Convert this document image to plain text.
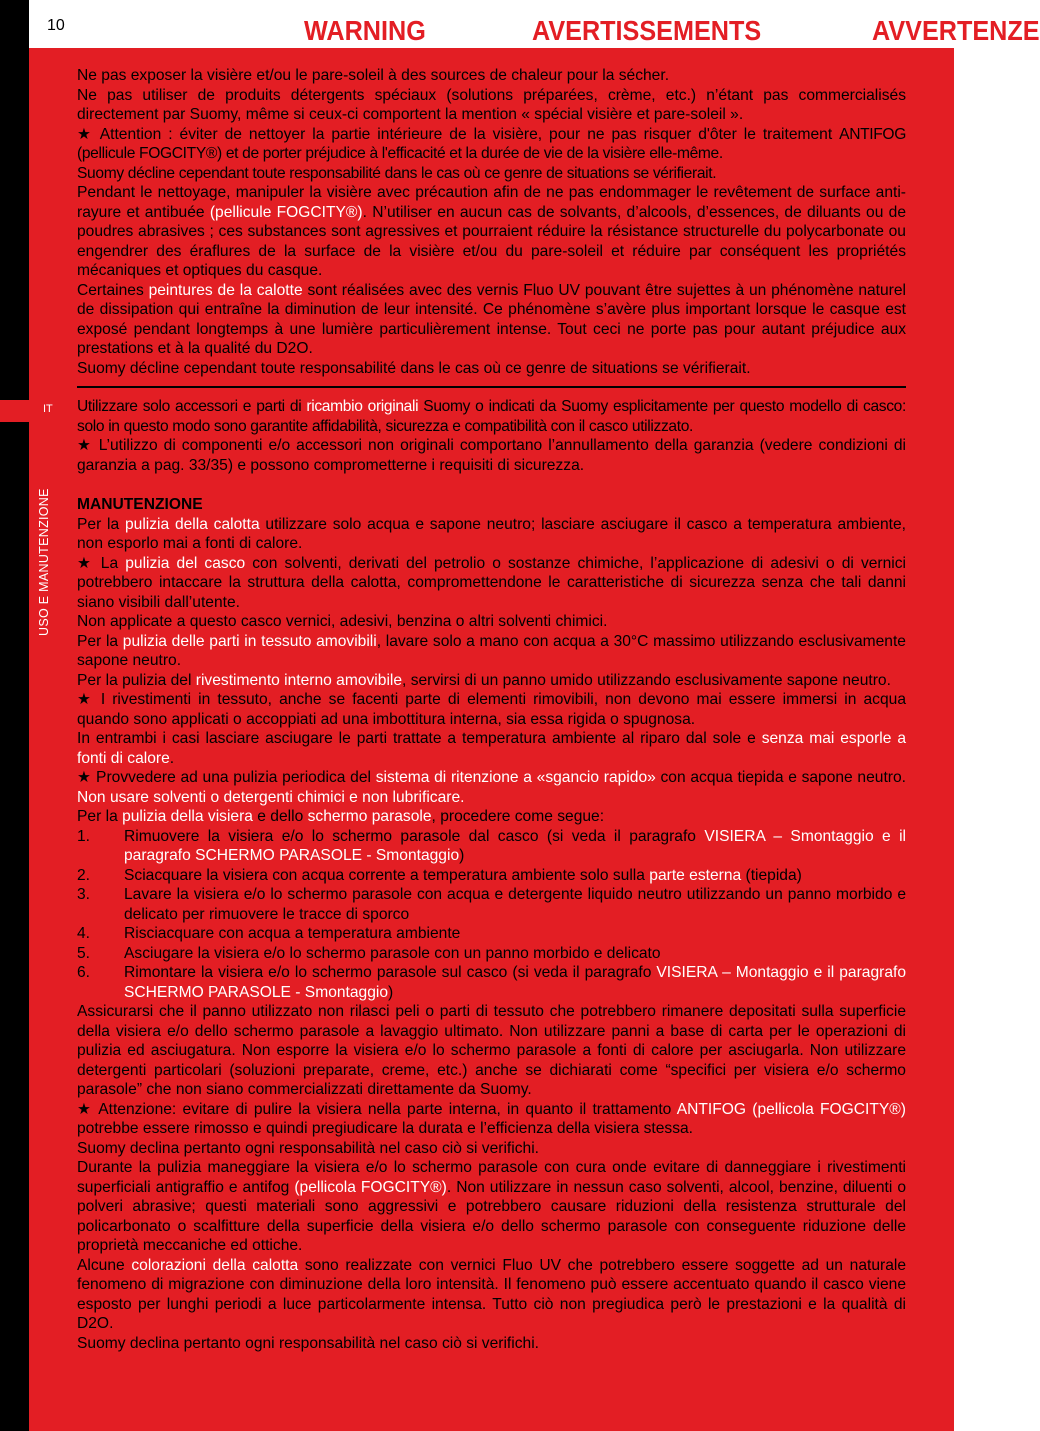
10	WARNING	AVERTISSEMENTS	AVVERTENZE
IT
USO E MANUTENZIONE

Ne pas exposer la visière et/ou le pare-soleil à des sources de chaleur pour la sécher.

Ne pas utiliser de produits détergents spéciaux (solutions préparées, crème, etc.) n’étant pas commercialisés directement par Suomy, même si ceux-ci comportent la mention « spécial visière et pare-soleil ».

★ Attention : éviter de nettoyer la partie intérieure de la visière, pour ne pas risquer d'ôter le traitement ANTIFOG (pellicule FOGCITY®) et de porter préjudice à l'efficacité et la durée de vie de la visière elle-même.
Suomy décline cependant toute responsabilité dans le cas où ce genre de situations se vérifierait.

Pendant le nettoyage, manipuler la visière avec précaution afin de ne pas endommager le revêtement de surface anti-rayure et antibuée (pellicule FOGCITY®). N’utiliser en aucun cas de solvants, d’alcools, d’essences, de diluants ou de poudres abrasives ; ces substances sont agressives et pourraient réduire la résistance structurelle du polycarbonate ou engendrer des éraflures de la surface de la visière et/ou du pare-soleil et réduire par conséquent les propriétés mécaniques et optiques du casque.

Certaines peintures de la calotte sont réalisées avec des vernis Fluo UV pouvant être sujettes à un phénomène naturel de dissipation qui entraîne la diminution de leur intensité. Ce phénomène s’avère plus important lorsque le casque est exposé pendant longtemps à une lumière particulièrement intense. Tout ceci ne porte pas pour autant préjudice aux prestations et à la qualité du D2O.

Suomy décline cependant toute responsabilité dans le cas où ce genre de situations se vérifierait.

Utilizzare solo accessori e parti di ricambio originali Suomy o indicati da Suomy esplicitamente per questo modello di casco: solo in questo modo sono garantite affidabilità, sicurezza e compatibilità con il casco utilizzato.

★ L’utilizzo di componenti e/o accessori non originali comportano l’annullamento della garanzia (vedere condizioni di garanzia a pag. 33/35) e possono comprometterne i requisiti di sicurezza.

MANUTENZIONE

Per la pulizia della calotta utilizzare solo acqua e sapone neutro; lasciare asciugare il casco a temperatura ambiente, non esporlo mai a fonti di calore.

★ La pulizia del casco con solventi, derivati del petrolio o sostanze chimiche, l’applicazione di adesivi o di vernici potrebbero intaccare la struttura della calotta, compromettendone le caratteristiche di sicurezza senza che tali danni siano visibili dall’utente.

Non applicate a questo casco vernici, adesivi, benzina o altri solventi chimici.

Per la pulizia delle parti in tessuto amovibili, lavare solo a mano con acqua a 30°C massimo utilizzando esclusivamente sapone neutro.

Per la pulizia del rivestimento interno amovibile, servirsi di un panno umido utilizzando esclusivamente sapone neutro.

★ I rivestimenti in tessuto, anche se facenti parte di elementi rimovibili, non devono mai essere immersi in acqua quando sono applicati o accoppiati ad una imbottitura interna, sia essa rigida o spugnosa.

In entrambi i casi lasciare asciugare le parti trattate a temperatura ambiente al riparo dal sole e senza mai esporle a fonti di calore.

★ Provvedere ad una pulizia periodica del sistema di ritenzione a «sgancio rapido» con acqua tiepida e sapone neutro. Non usare solventi o detergenti chimici e non lubrificare.

Per la pulizia della visiera e dello schermo parasole, procedere come segue:

1.	Rimuovere la visiera e/o lo schermo parasole dal casco (si veda il paragrafo VISIERA – Smontaggio e il paragrafo SCHERMO PARASOLE - Smontaggio)
2.	Sciacquare la visiera con acqua corrente a temperatura ambiente solo sulla parte esterna (tiepida)
3.	Lavare la visiera e/o lo schermo parasole con acqua e detergente liquido neutro utilizzando un panno morbido e delicato per rimuovere le tracce di sporco
4.	Risciacquare con acqua a temperatura ambiente
5.	Asciugare la visiera e/o lo schermo parasole con un panno morbido e delicato
6.	Rimontare la visiera e/o lo schermo parasole sul casco (si veda il paragrafo VISIERA – Montaggio e il paragrafo SCHERMO PARASOLE - Smontaggio)

Assicurarsi che il panno utilizzato non rilasci peli o parti di tessuto che potrebbero rimanere depositati sulla superficie della visiera e/o dello schermo parasole a lavaggio ultimato. Non utilizzare panni a base di carta per le operazioni di pulizia ed asciugatura. Non esporre la visiera e/o lo schermo parasole a fonti di calore per asciugarla. Non utilizzare detergenti particolari (soluzioni preparate, creme, etc.) anche se dichiarati come “specifici per visiera e/o schermo parasole” che non siano commercializzati direttamente da Suomy.

★ Attenzione: evitare di pulire la visiera nella parte interna, in quanto il trattamento ANTIFOG (pellicola FOGCITY®) potrebbe essere rimosso e quindi pregiudicare la durata e l’efficienza della visiera stessa.

Suomy declina pertanto ogni responsabilità nel caso ciò si verifichi.

Durante la pulizia maneggiare la visiera e/o lo schermo parasole con cura onde evitare di danneggiare i rivestimenti superficiali antigraffio e antifog (pellicola FOGCITY®). Non utilizzare in nessun caso solventi, alcool, benzine, diluenti o polveri abrasive; questi materiali sono aggressivi e potrebbero causare riduzioni della resistenza strutturale del policarbonato o scalfitture della superficie della visiera e/o dello schermo parasole con conseguente riduzione delle proprietà meccaniche ed ottiche.

Alcune colorazioni della calotta sono realizzate con vernici Fluo UV che potrebbero essere soggette ad un naturale fenomeno di migrazione con diminuzione della loro intensità. Il fenomeno può essere accentuato quando il casco viene esposto per lunghi periodi a luce particolarmente intensa. Tutto ciò non pregiudica però le prestazioni e la qualità di D2O.

Suomy declina pertanto ogni responsabilità nel caso ciò si verifichi.
